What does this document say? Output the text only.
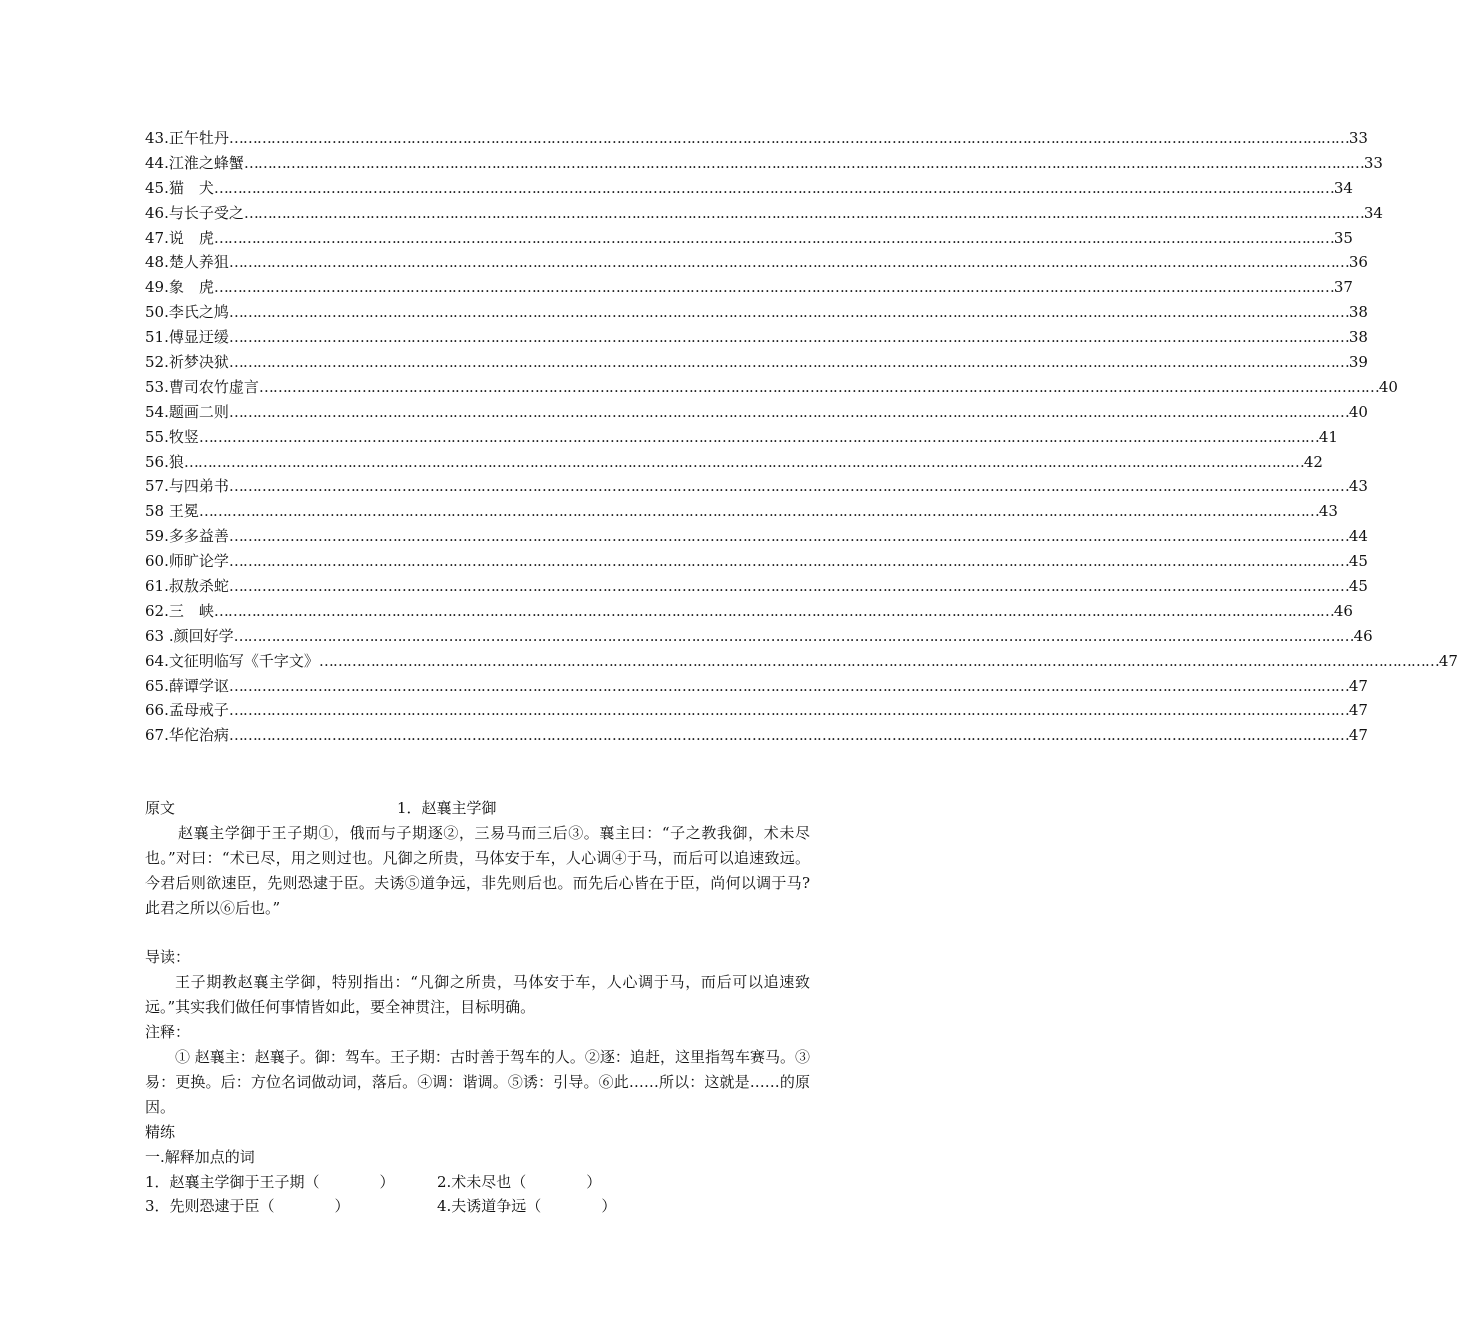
43.正午牡丹 …………………………………………………………………………………………………………………………………………………………………………………………………………………… 33
44.江淮之蜂蟹 …………………………………………………………………………………………………………………………………………………………………………………………………………………… 33
45.猫　犬 …………………………………………………………………………………………………………………………………………………………………………………………………………………… 34
46.与长子受之 …………………………………………………………………………………………………………………………………………………………………………………………………………………… 34
47.说　虎 …………………………………………………………………………………………………………………………………………………………………………………………………………………… 35
48.楚人养狙 …………………………………………………………………………………………………………………………………………………………………………………………………………………… 36
49.象　虎 …………………………………………………………………………………………………………………………………………………………………………………………………………………… 37
50.李氏之鸠 …………………………………………………………………………………………………………………………………………………………………………………………………………………… 38
51.傅显迂缓 …………………………………………………………………………………………………………………………………………………………………………………………………………………… 38
52.祈梦决狱 …………………………………………………………………………………………………………………………………………………………………………………………………………………… 39
53.曹司农竹虚言 …………………………………………………………………………………………………………………………………………………………………………………………………………………… 40
54.题画二则 …………………………………………………………………………………………………………………………………………………………………………………………………………………… 40
55.牧竖 …………………………………………………………………………………………………………………………………………………………………………………………………………………… 41
56.狼 …………………………………………………………………………………………………………………………………………………………………………………………………………………… 42
57.与四弟书 …………………………………………………………………………………………………………………………………………………………………………………………………………………… 43
58 王冕 …………………………………………………………………………………………………………………………………………………………………………………………………………………… 43
59.多多益善 …………………………………………………………………………………………………………………………………………………………………………………………………………………… 44
60.师旷论学 …………………………………………………………………………………………………………………………………………………………………………………………………………………… 45
61.叔敖杀蛇 …………………………………………………………………………………………………………………………………………………………………………………………………………………… 45
62.三　峡 …………………………………………………………………………………………………………………………………………………………………………………………………………………… 46
63 .颜回好学 …………………………………………………………………………………………………………………………………………………………………………………………………………………… 46
64.文征明临写《千字文》 …………………………………………………………………………………………………………………………………………………………………………………………………………………… 47
65.薛谭学讴 …………………………………………………………………………………………………………………………………………………………………………………………………………………… 47
66.孟母戒子 …………………………………………………………………………………………………………………………………………………………………………………………………………………… 47
67.华佗治病 …………………………………………………………………………………………………………………………………………………………………………………………………………………… 47
原文	1．赵襄主学御

赵襄主学御于王子期①，俄而与子期逐②，三易马而三后③。襄主曰：“子之教我御，术未尽也。”对曰：“术已尽，用之则过也。凡御之所贵，马体安于车，人心调④于马，而后可以追速致远。今君后则欲速臣，先则恐逮于臣。夫诱⑤道争远，非先则后也。而先后心皆在于臣，尚何以调于马?此君之所以⑥后也。”

导读：

王子期教赵襄主学御，特别指出：“凡御之所贵，马体安于车，人心调于马，而后可以追速致远。”其实我们做任何事情皆如此，要全神贯注，目标明确。

注释：

① 赵襄主：赵襄子。御：驾车。王子期：古时善于驾车的人。②逐：追赶，这里指驾车赛马。③易：更换。后：方位名词做动词，落后。④调：谐调。⑤诱：引导。⑥此……所以：这就是……的原因。

精练

一.解释加点的词

1．赵襄主学御于王子期（　　　　）	2.术未尽也（　　　　）
3．先则恐逮于臣（　　　　）	4.夫诱道争远（　　　　）
